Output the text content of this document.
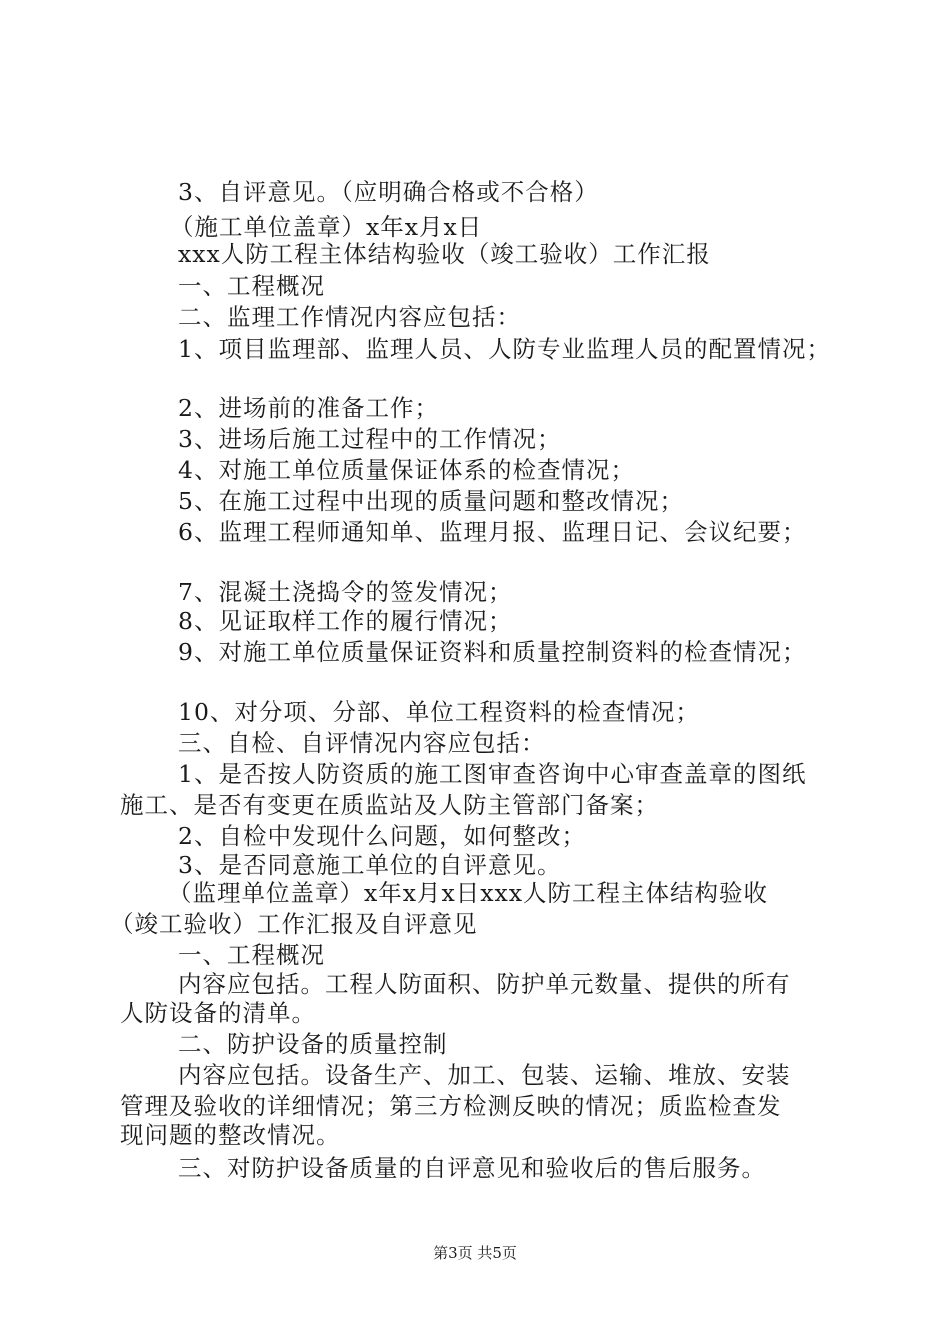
3、自评意见。（应明确合格或不合格）
（施工单位盖章）x年x月x日
xxx人防工程主体结构验收（竣工验收）工作汇报
一、工程概况
二、监理工作情况内容应包括：
1、项目监理部、监理人员、人防专业监理人员的配置情况；
2、进场前的准备工作；
3、进场后施工过程中的工作情况；
4、对施工单位质量保证体系的检查情况；
5、在施工过程中出现的质量问题和整改情况；
6、监理工程师通知单、监理月报、监理日记、会议纪要；
7、混凝土浇捣令的签发情况；
8、见证取样工作的履行情况；
9、对施工单位质量保证资料和质量控制资料的检查情况；
10、对分项、分部、单位工程资料的检查情况；
三、自检、自评情况内容应包括：
1、是否按人防资质的施工图审查咨询中心审查盖章的图纸
施工、是否有变更在质监站及人防主管部门备案；
2、自检中发现什么问题，如何整改；
3、是否同意施工单位的自评意见。
（监理单位盖章）x年x月x日xxx人防工程主体结构验收
（竣工验收）工作汇报及自评意见
一、工程概况
内容应包括。工程人防面积、防护单元数量、提供的所有
人防设备的清单。
二、防护设备的质量控制
内容应包括。设备生产、加工、包装、运输、堆放、安装
管理及验收的详细情况；第三方检测反映的情况；质监检查发
现问题的整改情况。
三、对防护设备质量的自评意见和验收后的售后服务。
第3页 共5页
